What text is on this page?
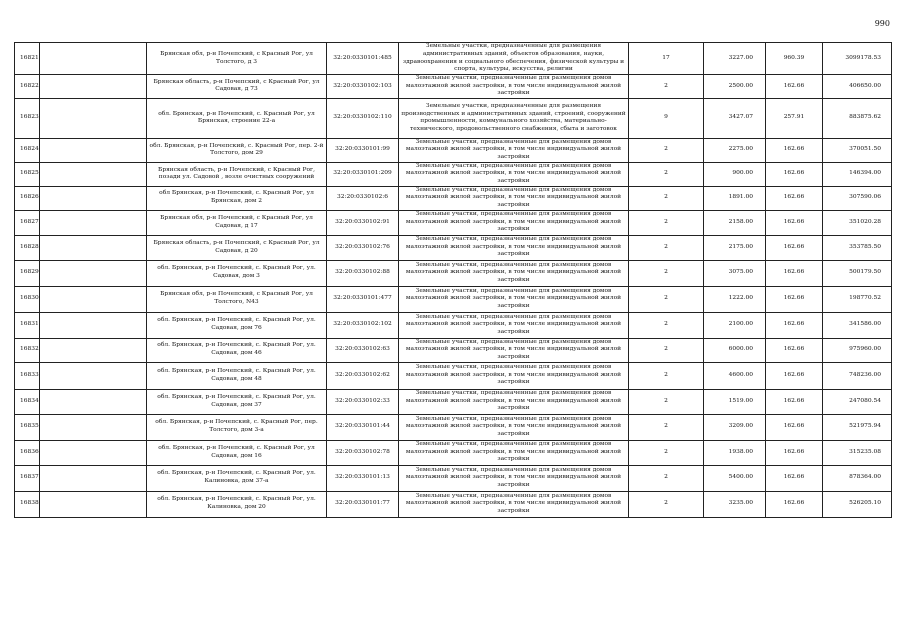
990
16821		Брянская обл, р-н Почепский, с Красный Рог, ул Толстого, д 3	32:20:0330101:485	Земельные участки, предназначенные для размещения административных зданий, объектов образования, науки, здравоохранения и социального обеспечения, физической культуры и спорта, культуры, искусства, религии	17	3227.00	960.39	3099178.53
16822		Брянская область, р-н Почепский, с Красный Рог, ул Садовая, д 73	32:20:0330102:103	Земельные участки, предназначенные для размещения домов малоэтажной жилой застройки, в том числе индивидуальной жилой застройки	2	2500.00	162.66	406650.00
16823		обл. Брянская, р-н Почепский, с. Красный Рог, ул Брянская, строение 22-а	32:20:0330102:110	Земельные участки, предназначенные для размещения производственных и административных зданий, строений, сооружений промышленности, коммунального хозяйства, материально-технического, продовольственного снабжения, сбыта и заготовок	9	3427.07	257.91	883875.62
16824		обл. Брянская, р-н Почепский, с. Красный Рог, пер. 2-й Толстого, дом 29	32:20:0330101:99	Земельные участки, предназначенные для размещения домов малоэтажной жилой застройки, в том числе индивидуальной жилой застройки	2	2275.00	162.66	370051.50
16825		Брянская область, р-н Почепский, с Красный Рог, позади ул. Садовой , возле очистных сооружений	32:20:0330101:209	Земельные участки, предназначенные для размещения домов малоэтажной жилой застройки, в том числе индивидуальной жилой застройки	2	900.00	162.66	146394.00
16826		обл Брянская, р-н Почепский, с. Красный Рог, ул Брянская, дом 2	32:20:0330102:6	Земельные участки, предназначенные для размещения домов малоэтажной жилой застройки, в том числе индивидуальной жилой застройки	2	1891.00	162.66	307590.06
16827		Брянская обл, р-н Почепский, с Красный Рог, ул Садовая, д 17	32:20:0330102:91	Земельные участки, предназначенные для размещения домов малоэтажной жилой застройки, в том числе индивидуальной жилой застройки	2	2158.00	162.66	351020.28
16828		Брянская область, р-н Почепский, с Красный Рог, ул Садовая, д 20	32:20:0330102:76	Земельные участки, предназначенные для размещения домов малоэтажной жилой застройки, в том числе индивидуальной жилой застройки	2	2175.00	162.66	353785.50
16829		обл. Брянская, р-н Почепский, с. Красный Рог, ул. Садовая, дом 3	32:20:0330102:88	Земельные участки, предназначенные для размещения домов малоэтажной жилой застройки, в том числе индивидуальной жилой застройки	2	3075.00	162.66	500179.50
16830		Брянская обл, р-н Почепский, с Красный Рог, ул Толстого, N43	32:20:0330101:477	Земельные участки, предназначенные для размещения домов малоэтажной жилой застройки, в том числе индивидуальной жилой застройки	2	1222.00	162.66	198770.52
16831		обл. Брянская, р-н Почепский, с. Красный Рог, ул. Садовая, дом 76	32:20:0330102:102	Земельные участки, предназначенные для размещения домов малоэтажной жилой застройки, в том числе индивидуальной жилой застройки	2	2100.00	162.66	341586.00
16832		обл. Брянская, р-н Почепский, с. Красный Рог, ул. Садовая, дом 46	32:20:0330102:63	Земельные участки, предназначенные для размещения домов малоэтажной жилой застройки, в том числе индивидуальной жилой застройки	2	6000.00	162.66	975960.00
16833		обл. Брянская, р-н Почепский, с. Красный Рог, ул. Садовая, дом 48	32:20:0330102:62	Земельные участки, предназначенные для размещения домов малоэтажной жилой застройки, в том числе индивидуальной жилой застройки	2	4600.00	162.66	748236.00
16834		обл. Брянская, р-н Почепский, с. Красный Рог, ул. Садовая, дом 37	32:20:0330102:33	Земельные участки, предназначенные для размещения домов малоэтажной жилой застройки, в том числе индивидуальной жилой застройки	2	1519.00	162.66	247080.54
16835		обл. Брянская, р-н Почепский, с. Красный Рог, пер. Толстого, дом 3-а	32:20:0330101:44	Земельные участки, предназначенные для размещения домов малоэтажной жилой застройки, в том числе индивидуальной жилой застройки	2	3209.00	162.66	521975.94
16836		обл. Брянская, р-н Почепский, с. Красный Рог, ул Садовая, дом 16	32:20:0330102:78	Земельные участки, предназначенные для размещения домов малоэтажной жилой застройки, в том числе индивидуальной жилой застройки	2	1938.00	162.66	315235.08
16837		обл. Брянская, р-н Почепский, с. Красный Рог, ул. Калиновка, дом 37-а	32:20:0330101:13	Земельные участки, предназначенные для размещения домов малоэтажной жилой застройки, в том числе индивидуальной жилой застройки	2	5400.00	162.66	878364.00
16838		обл. Брянская, р-н Почепский, с. Красный Рог, ул. Калиновка, дом 20	32:20:0330101:77	Земельные участки, предназначенные для размещения домов малоэтажной жилой застройки, в том числе индивидуальной жилой застройки	2	3235.00	162.66	526205.10
